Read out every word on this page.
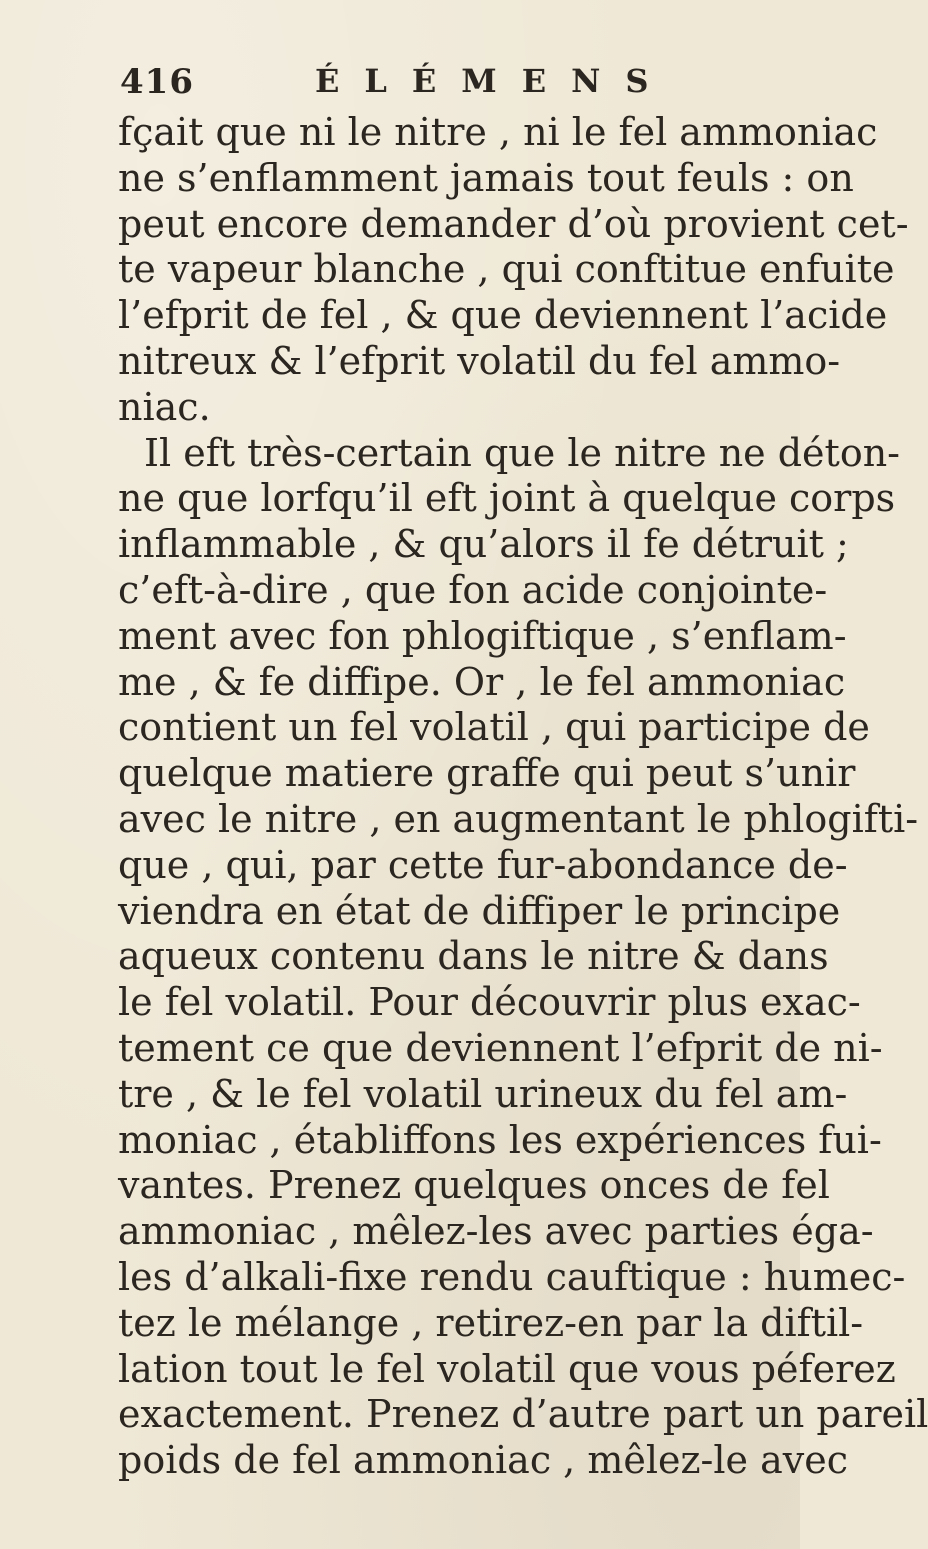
416	ÉLÉMENS
fçait que ni le nitre , ni le fel ammoniac
ne s’enflamment jamais tout feuls : on
peut encore demander d’où provient cet-
te vapeur blanche , qui conftitue enfuite
l’efprit de fel , & que deviennent l’acide
nitreux & l’efprit volatil du fel ammo-
niac.
Il eft très-certain que le nitre ne déton-
ne que lorfqu’il eft joint à quelque corps
inflammable , & qu’alors il fe détruit ;
c’eft-à-dire , que fon acide conjointe-
ment avec fon phlogiftique , s’enflam-
me , & fe diffipe. Or , le fel ammoniac
contient un fel volatil , qui participe de
quelque matiere graffe qui peut s’unir
avec le nitre , en augmentant le phlogifti-
que , qui, par cette fur-abondance de-
viendra en état de diffiper le principe
aqueux contenu dans le nitre & dans
le fel volatil. Pour découvrir plus exac-
tement ce que deviennent l’efprit de ni-
tre , & le fel volatil urineux du fel am-
moniac , établiffons les expériences fui-
vantes. Prenez quelques onces de fel
ammoniac , mêlez-les avec parties éga-
les d’alkali-fixe rendu cauftique : humec-
tez le mélange , retirez-en par la diftil-
lation tout le fel volatil que vous péferez
exactement. Prenez d’autre part un pareil
poids de fel ammoniac , mêlez-le avec
